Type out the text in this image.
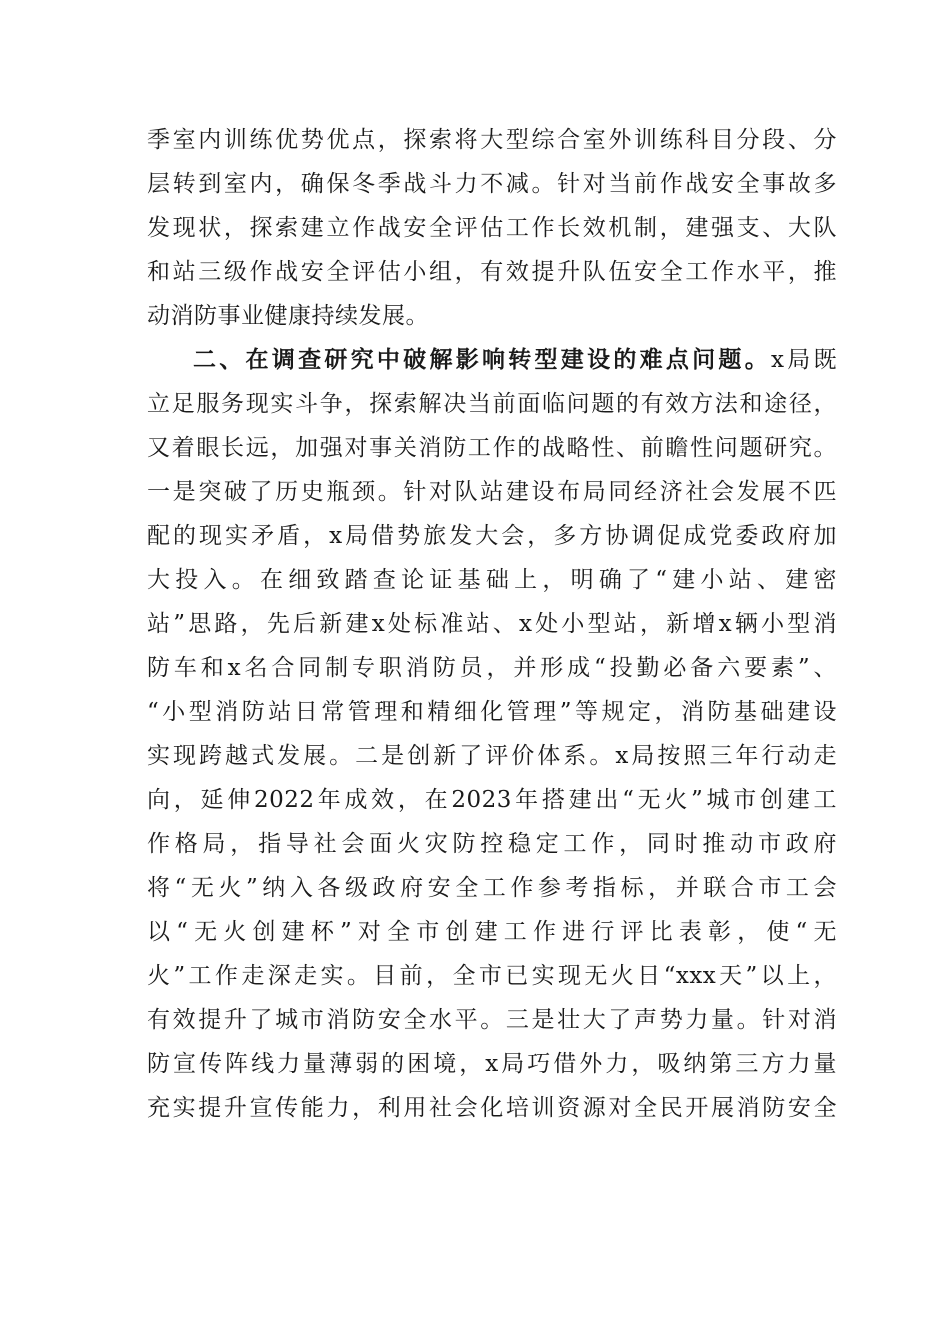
季室内训练优势优点，探索将大型综合室外训练科目分段、分
层转到室内，确保冬季战斗力不减。针对当前作战安全事故多
发现状，探索建立作战安全评估工作长效机制，建强支、大队
和站三级作战安全评估小组，有效提升队伍安全工作水平，推
动消防事业健康持续发展。
二、在调查研究中破解影响转型建设的难点问题。x局既
立足服务现实斗争，探索解决当前面临问题的有效方法和途径，
又着眼长远，加强对事关消防工作的战略性、前瞻性问题研究。
一是突破了历史瓶颈。针对队站建设布局同经济社会发展不匹
配的现实矛盾，x局借势旅发大会，多方协调促成党委政府加
大投入。在细致踏查论证基础上，明确了“建小站、建密
站”思路，先后新建x处标准站、x处小型站，新增x辆小型消
防车和x名合同制专职消防员，并形成“投勤必备六要素”、
“小型消防站日常管理和精细化管理”等规定，消防基础建设
实现跨越式发展。二是创新了评价体系。x局按照三年行动走
向，延伸2022年成效，在2023年搭建出“无火”城市创建工
作格局，指导社会面火灾防控稳定工作，同时推动市政府
将“无火”纳入各级政府安全工作参考指标，并联合市工会
以“无火创建杯”对全市创建工作进行评比表彰，使“无
火”工作走深走实。目前，全市已实现无火日“xxx天”以上，
有效提升了城市消防安全水平。三是壮大了声势力量。针对消
防宣传阵线力量薄弱的困境，x局巧借外力，吸纳第三方力量
充实提升宣传能力，利用社会化培训资源对全民开展消防安全
